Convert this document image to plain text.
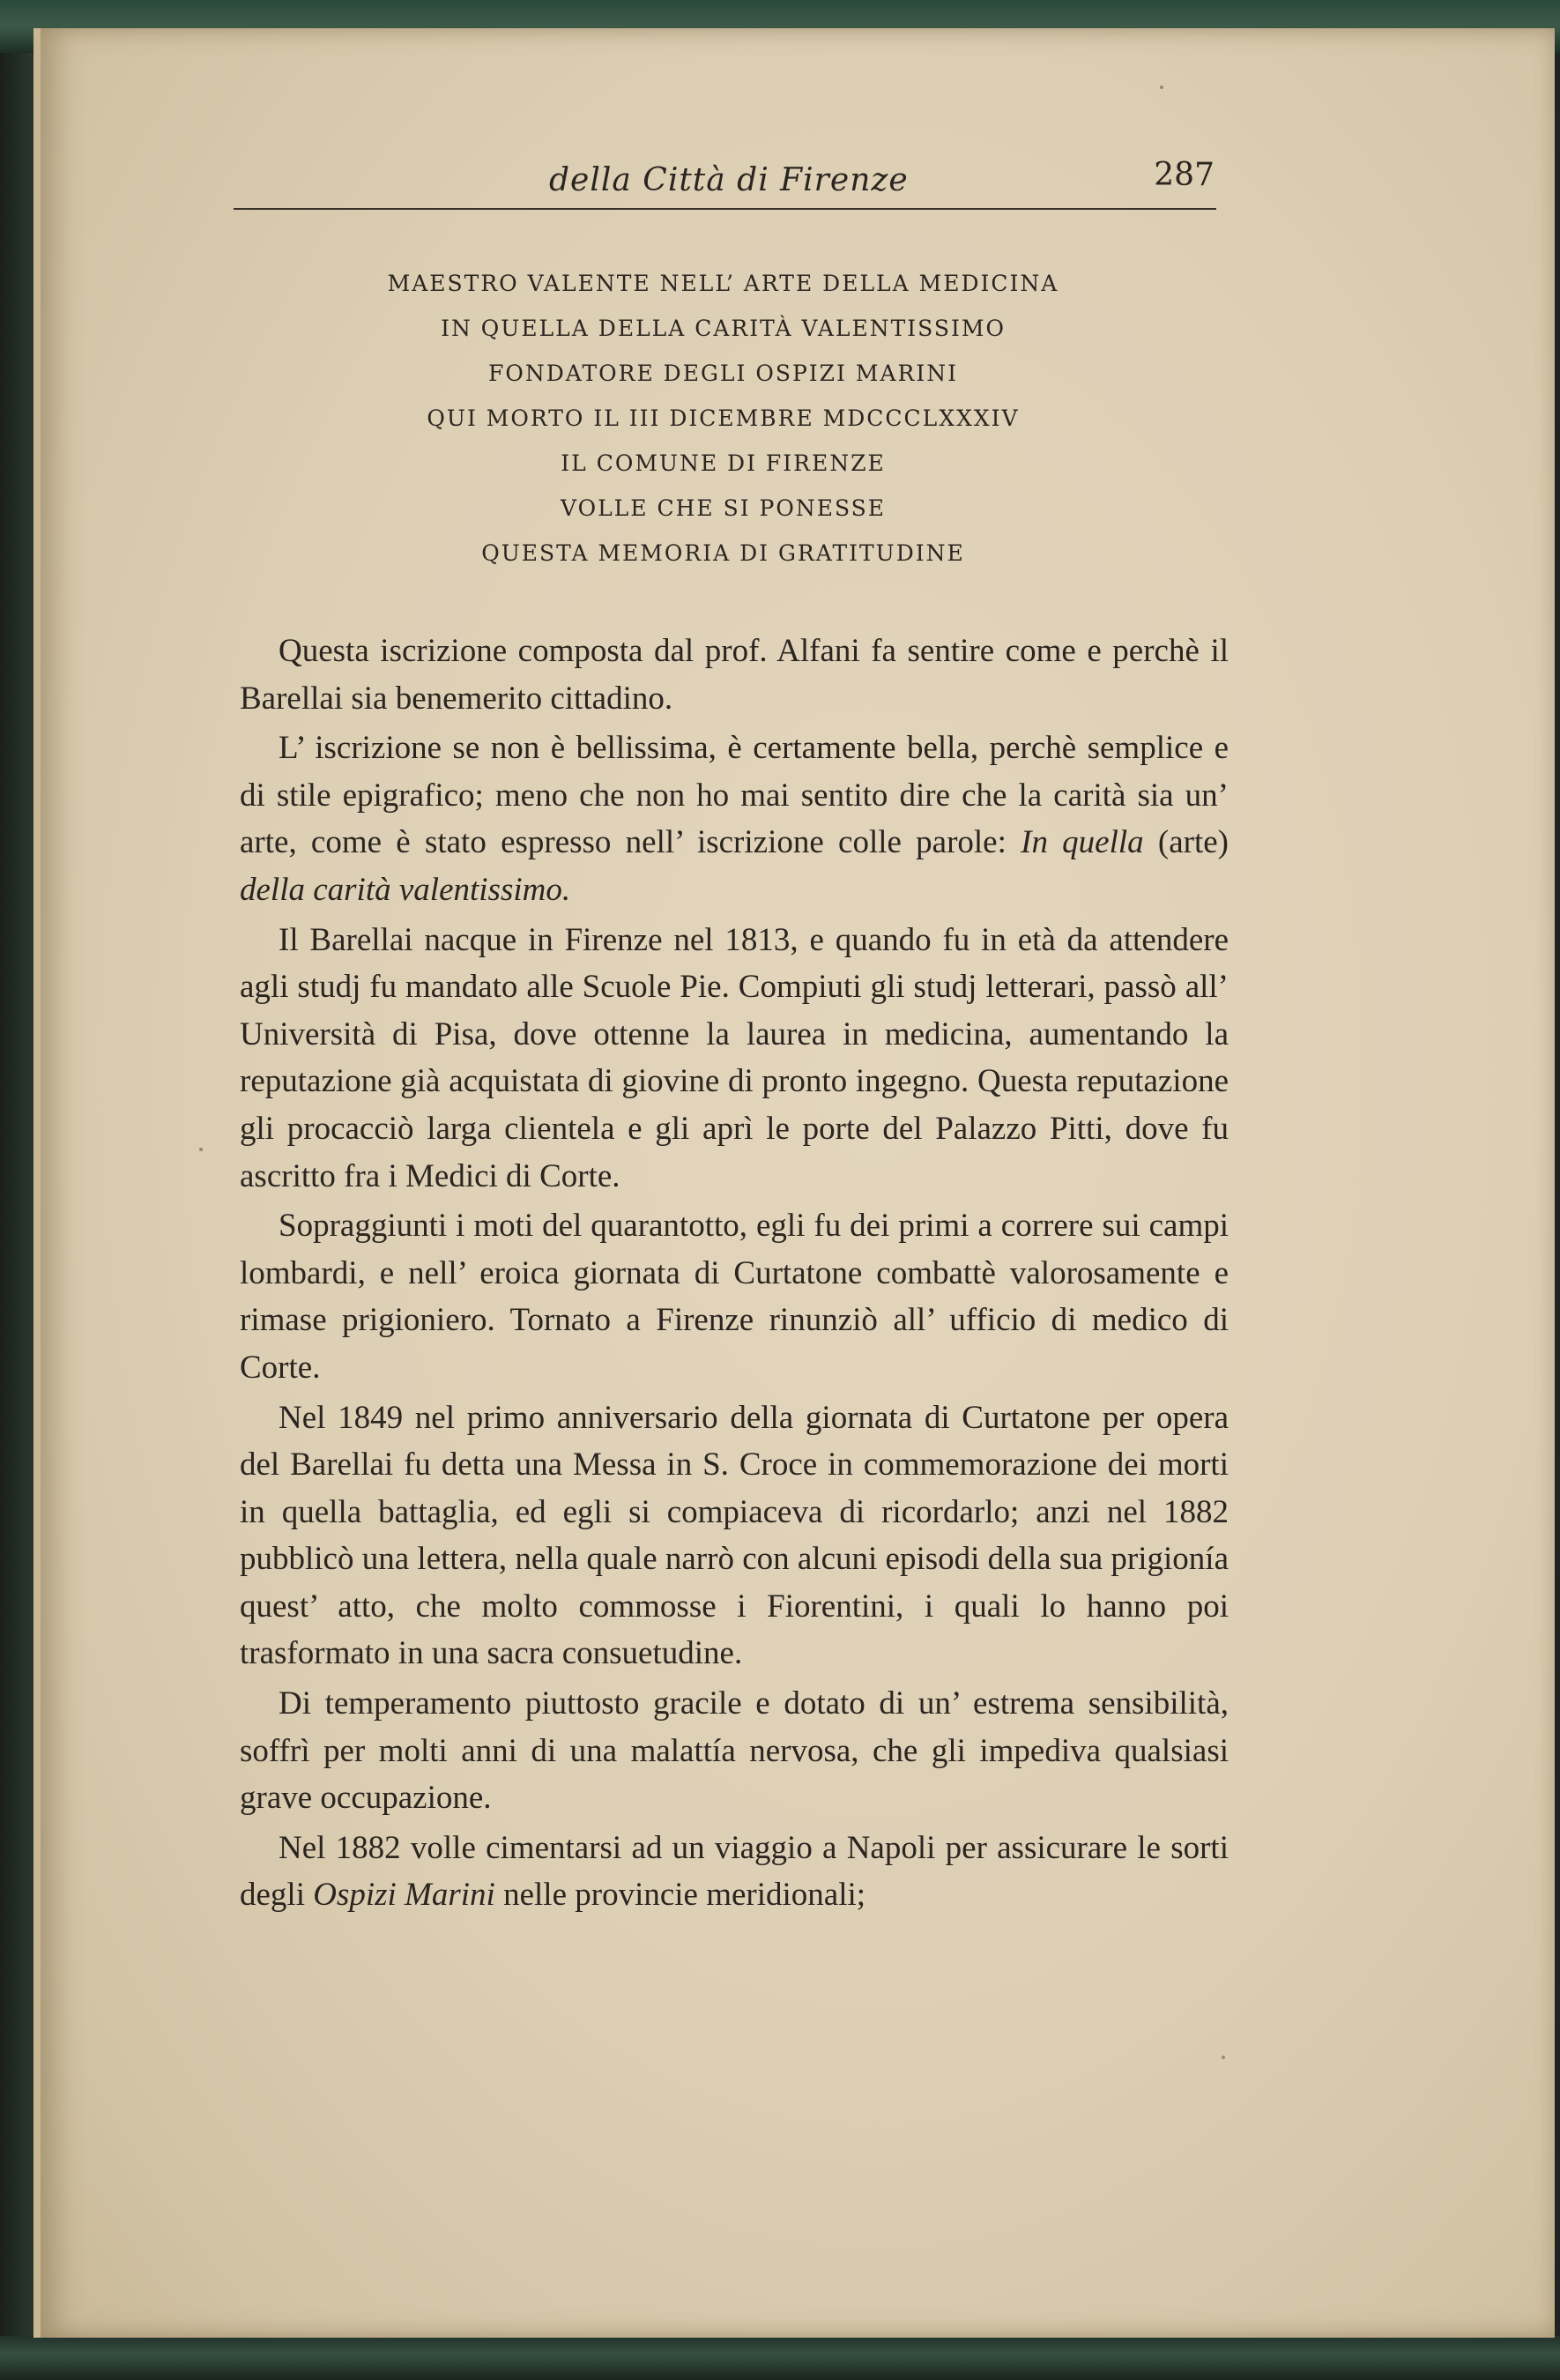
della Città di Firenze	287
MAESTRO VALENTE NELL’ ARTE DELLA MEDICINA
IN QUELLA DELLA CARITÀ VALENTISSIMO
FONDATORE DEGLI OSPIZI MARINI
QUI MORTO IL III DICEMBRE MDCCCLXXXIV
IL COMUNE DI FIRENZE
VOLLE CHE SI PONESSE
QUESTA MEMORIA DI GRATITUDINE

Questa iscrizione composta dal prof. Alfani fa sentire come e perchè il Barellai sia benemerito cittadino.

L’ iscrizione se non è bellissima, è certamente bella, perchè semplice e di stile epigrafico; meno che non ho mai sentito dire che la carità sia un’ arte, come è stato espresso nell’ iscrizione colle parole: In quella (arte) della carità valentissimo.

Il Barellai nacque in Firenze nel 1813, e quando fu in età da attendere agli studj fu mandato alle Scuole Pie. Compiuti gli studj letterari, passò all’ Università di Pisa, dove ottenne la laurea in medicina, aumentando la reputazione già acquistata di giovine di pronto ingegno. Questa reputazione gli procacciò larga clientela e gli aprì le porte del Palazzo Pitti, dove fu ascritto fra i Medici di Corte.

Sopraggiunti i moti del quarantotto, egli fu dei primi a correre sui campi lombardi, e nell’ eroica giornata di Curtatone combattè valorosamente e rimase prigioniero. Tornato a Firenze rinunziò all’ ufficio di medico di Corte.

Nel 1849 nel primo anniversario della giornata di Curtatone per opera del Barellai fu detta una Messa in S. Croce in commemorazione dei morti in quella battaglia, ed egli si compiaceva di ricordarlo; anzi nel 1882 pubblicò una lettera, nella quale narrò con alcuni episodi della sua prigionía quest’ atto, che molto commosse i Fiorentini, i quali lo hanno poi trasformato in una sacra consuetudine.

Di temperamento piuttosto gracile e dotato di un’ estrema sensibilità, soffrì per molti anni di una malattía nervosa, che gli impediva qualsiasi grave occupazione.

Nel 1882 volle cimentarsi ad un viaggio a Napoli per assicurare le sorti degli Ospizi Marini nelle provincie meridionali;
